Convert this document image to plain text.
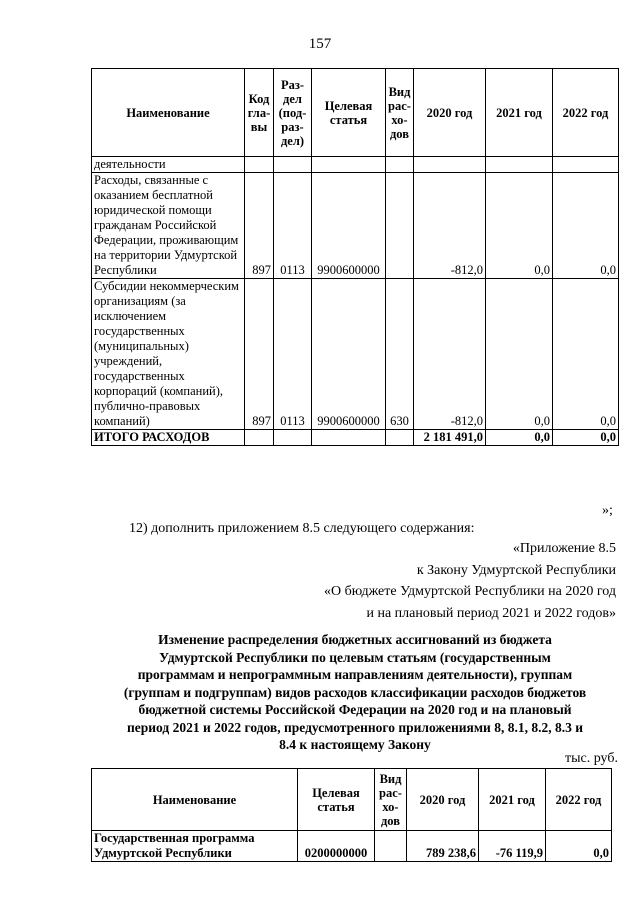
157
Наименование	Код гла-вы	Раз-дел (под-раз-дел)	Целевая статья	Вид рас-хо-дов	2020 год	2021 год	2022 год
деятельности							
Расходы, связанные с оказанием бесплатной юридической помощи гражданам Российской Федерации, проживающим на территории Удмуртской Республики	897	0113	9900600000		-812,0	0,0	0,0
Субсидии некоммерческим организациям (за исключением государственных (муниципальных) учреждений, государственных корпораций (компаний), публично-правовых компаний)	897	0113	9900600000	630	-812,0	0,0	0,0
ИТОГО РАСХОДОВ					2 181 491,0	0,0	0,0
»;
12) дополнить приложением 8.5 следующего содержания:
«Приложение 8.5
к Закону Удмуртской Республики
«О бюджете Удмуртской Республики на 2020 год
и на плановый период 2021 и 2022 годов»
Изменение распределения бюджетных ассигнований из бюджета
Удмуртской Республики по целевым статьям (государственным
программам и непрограммным направлениям деятельности), группам
(группам и подгруппам) видов расходов классификации расходов бюджетов
бюджетной системы Российской Федерации на 2020 год и на плановый
период 2021 и 2022 годов, предусмотренного приложениями 8, 8.1, 8.2, 8.3 и
8.4 к настоящему Закону
тыс. руб.
Наименование	Целевая статья	Вид рас-хо-дов	2020 год	2021 год	2022 год
Государственная программа Удмуртской Республики	0200000000		789 238,6	-76 119,9	0,0
